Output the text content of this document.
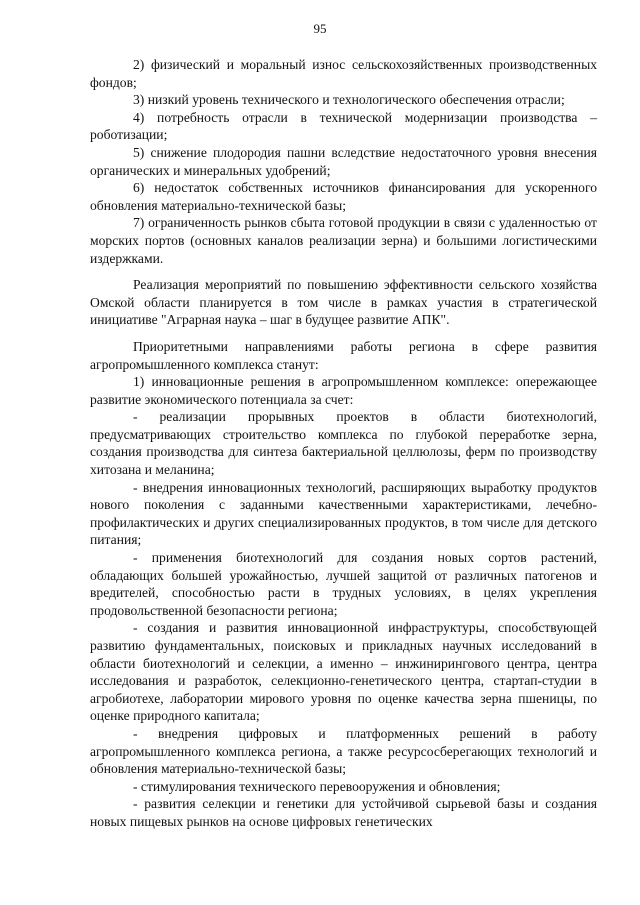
95

2) физический и моральный износ сельскохозяйственных производственных фондов;

3) низкий уровень технического и технологического обеспечения отрасли;

4) потребность отрасли в технической модернизации производства – роботизации;

5) снижение плодородия пашни вследствие недостаточного уровня внесения органических и минеральных удобрений;

6) недостаток собственных источников финансирования для ускоренного обновления материально-технической базы;

7) ограниченность рынков сбыта готовой продукции в связи с удаленностью от морских портов (основных каналов реализации зерна) и большими логистическими издержками.

Реализация мероприятий по повышению эффективности сельского хозяйства Омской области планируется в том числе в рамках участия в стратегической инициативе "Аграрная наука – шаг в будущее развитие АПК".

Приоритетными направлениями работы региона в сфере развития агропромышленного комплекса станут:

1) инновационные решения в агропромышленном комплексе: опережающее развитие экономического потенциала за счет:

- реализации прорывных проектов в области биотехнологий, предусматривающих строительство комплекса по глубокой переработке зерна, создания производства для синтеза бактериальной целлюлозы, ферм по производству хитозана и меланина;

- внедрения инновационных технологий, расширяющих выработку продуктов нового поколения с заданными качественными характеристиками, лечебно-профилактических и других специализированных продуктов, в том числе для детского питания;

- применения биотехнологий для создания новых сортов растений, обладающих большей урожайностью, лучшей защитой от различных патогенов и вредителей, способностью расти в трудных условиях, в целях укрепления продовольственной безопасности региона;

- создания и развития инновационной инфраструктуры, способствующей развитию фундаментальных, поисковых и прикладных научных исследований в области биотехнологий и селекции, а именно – инжинирингового центра, центра исследования и разработок, селекционно-генетического центра, стартап-студии в агробиотехе, лаборатории мирового уровня по оценке качества зерна пшеницы, по оценке природного капитала;

- внедрения цифровых и платформенных решений в работу агропромышленного комплекса региона, а также ресурсосберегающих технологий и обновления материально-технической базы;

- стимулирования технического перевооружения и обновления;

- развития селекции и генетики для устойчивой сырьевой базы и создания новых пищевых рынков на основе цифровых генетических
